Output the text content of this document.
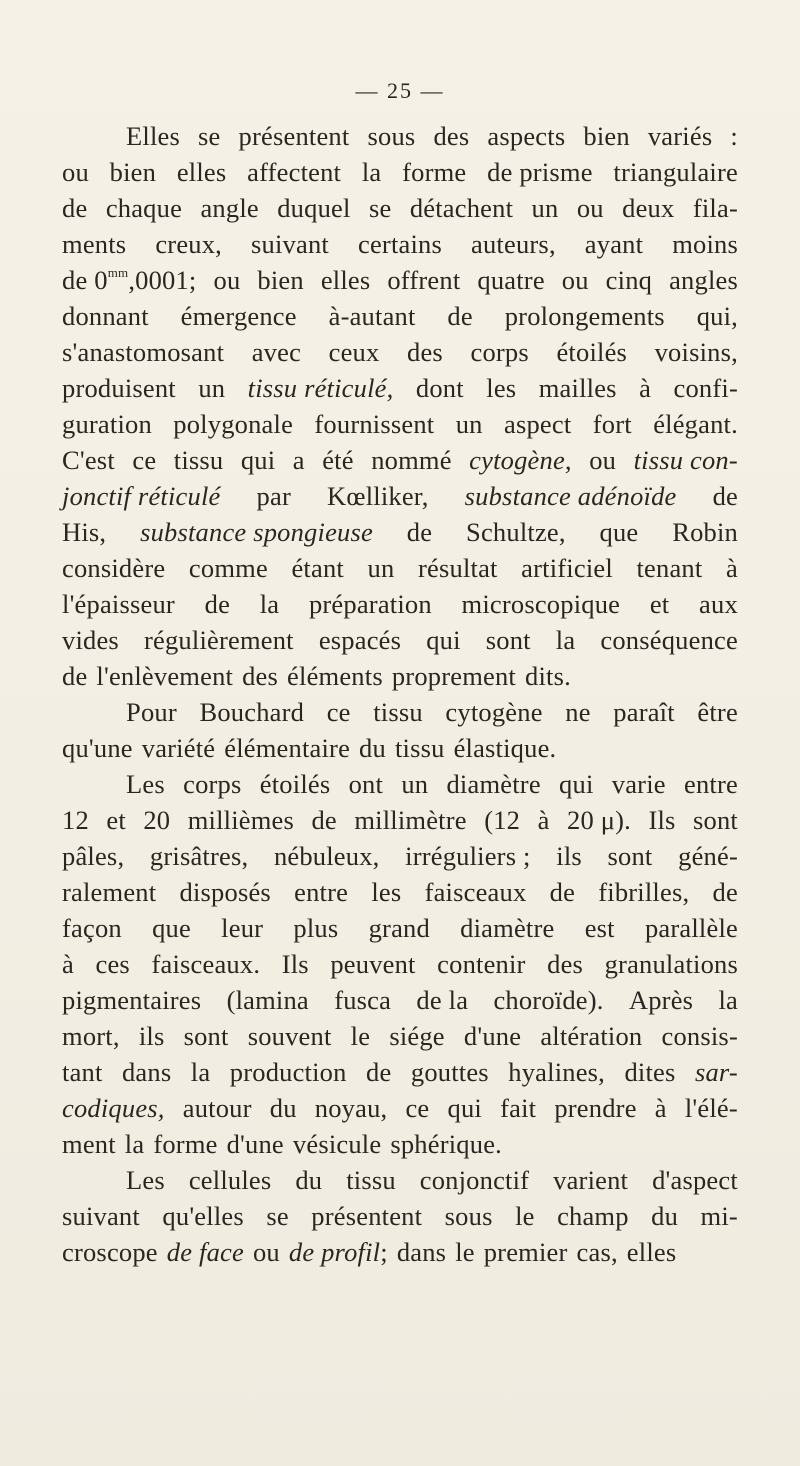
— 25 —
Elles se présentent sous des aspects bien variés :
ou bien elles affectent la forme de prisme triangulaire
de chaque angle duquel se détachent un ou deux fila-
ments creux, suivant certains auteurs, ayant moins
de $0^{mm},0001$; ou bien elles offrent quatre ou cinq angles
donnant émergence à-autant de prolongements qui,
s'anastomosant avec ceux des corps étoilés voisins,
produisent un tissu réticulé, dont les mailles à confi-
guration polygonale fournissent un aspect fort élégant.
C'est ce tissu qui a été nommé cytogène, ou tissu con-
jonctif réticulé par Kœlliker, substance adénoïde de
His, substance spongieuse de Schultze, que Robin
considère comme étant un résultat artificiel tenant à
l'épaisseur de la préparation microscopique et aux
vides régulièrement espacés qui sont la conséquence
de l'enlèvement des éléments proprement dits.
Pour Bouchard ce tissu cytogène ne paraît être
qu'une variété élémentaire du tissu élastique.
Les corps étoilés ont un diamètre qui varie entre
12 et 20 millièmes de millimètre (12 à 20 μ). Ils sont
pâles, grisâtres, nébuleux, irréguliers ; ils sont géné-
ralement disposés entre les faisceaux de fibrilles, de
façon que leur plus grand diamètre est parallèle
à ces faisceaux. Ils peuvent contenir des granulations
pigmentaires (lamina fusca de la choroïde). Après la
mort, ils sont souvent le siége d'une altération consis-
tant dans la production de gouttes hyalines, dites sar-
codiques, autour du noyau, ce qui fait prendre à l'élé-
ment la forme d'une vésicule sphérique.
Les cellules du tissu conjonctif varient d'aspect
suivant qu'elles se présentent sous le champ du mi-
croscope de face ou de profil; dans le premier cas, elles
